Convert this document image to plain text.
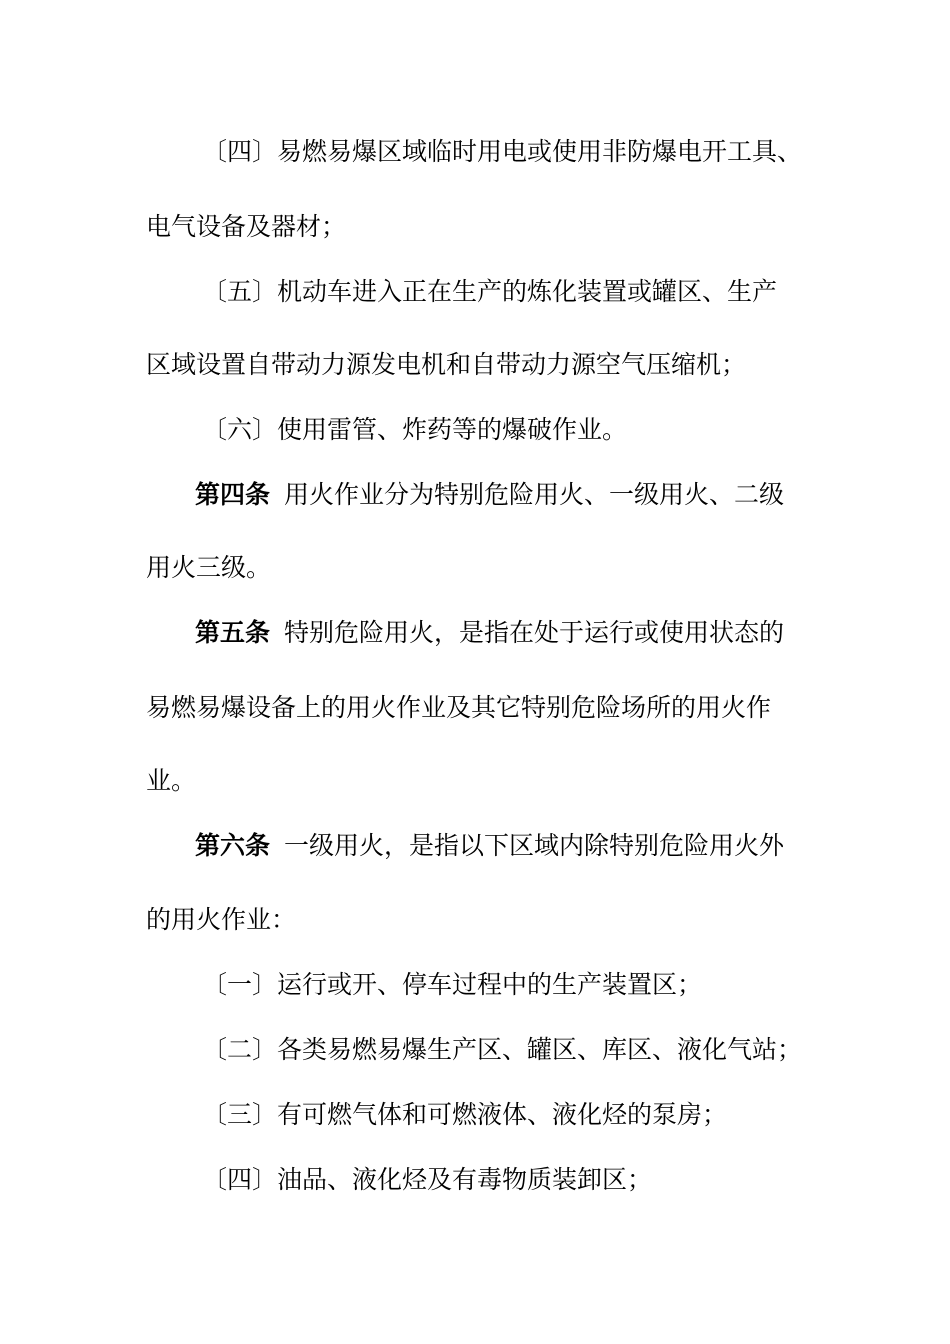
〔四〕易燃易爆区域临时用电或使用非防爆电开工具、
电气设备及器材；
〔五〕机动车进入正在生产的炼化装置或罐区、生产
区域设置自带动力源发电机和自带动力源空气压缩机；
〔六〕使用雷管、炸药等的爆破作业。
第四条 用火作业分为特别危险用火、一级用火、二级
用火三级。
第五条 特别危险用火，是指在处于运行或使用状态的
易燃易爆设备上的用火作业及其它特别危险场所的用火作
业。
第六条 一级用火，是指以下区域内除特别危险用火外
的用火作业：
〔一〕运行或开、停车过程中的生产装置区；
〔二〕各类易燃易爆生产区、罐区、库区、液化气站；
〔三〕有可燃气体和可燃液体、液化烃的泵房；
〔四〕油品、液化烃及有毒物质装卸区；
